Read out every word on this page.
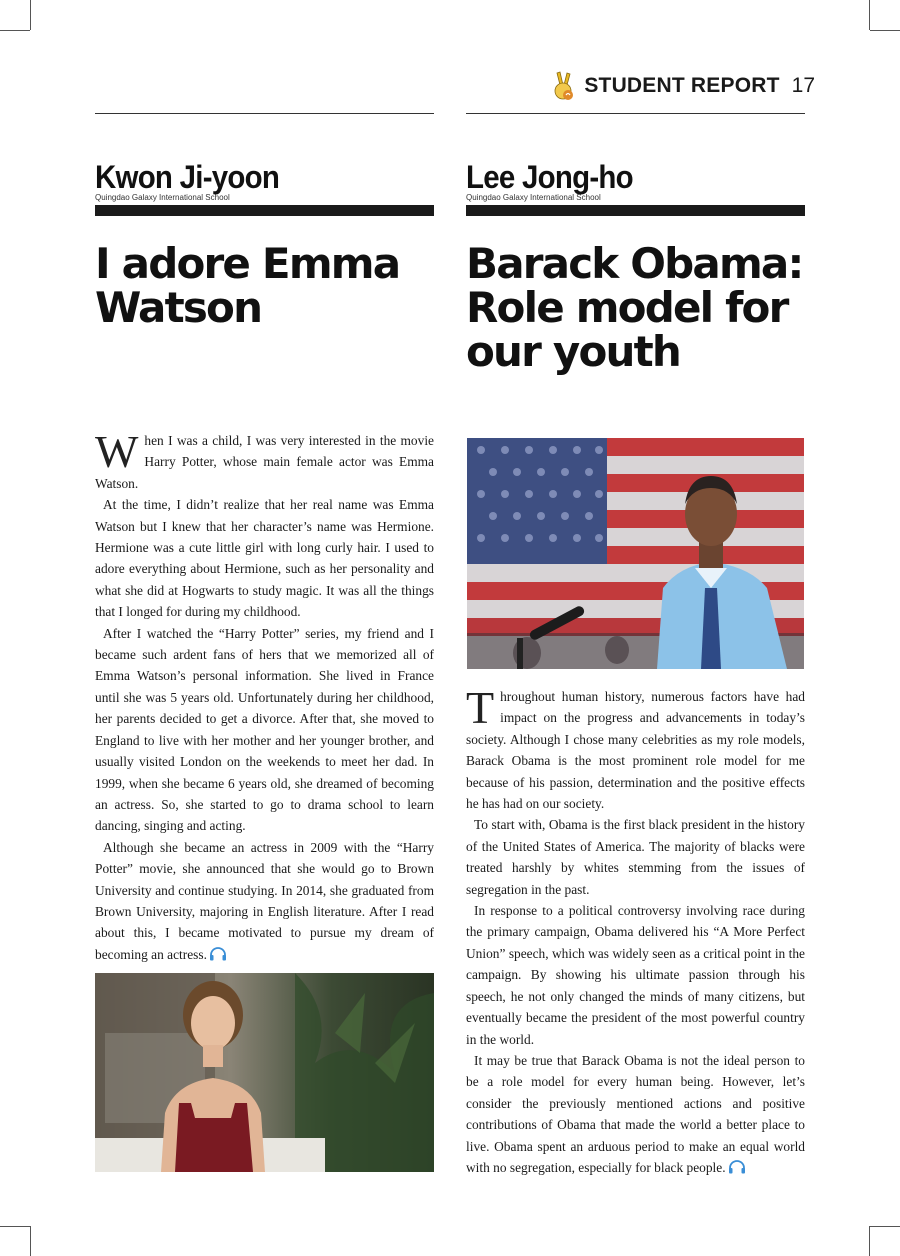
STUDENT REPORT 17
Kwon Ji-yoon
Quingdao Galaxy International School
I adore Emma
Watson

When I was a child, I was very interested in the movie Harry Potter, whose main female actor was Emma Watson.

At the time, I didn’t realize that her real name was Emma Watson but I knew that her character’s name was Hermione. Hermione was a cute little girl with long curly hair. I used to adore everything about Hermione, such as her personality and what she did at Hogwarts to study magic. It was all the things that I longed for during my childhood.

After I watched the “Harry Potter” series, my friend and I became such ardent fans of hers that we memorized all of Emma Watson’s personal information. She lived in France until she was 5 years old. Unfortunately during her childhood, her parents decided to get a divorce. After that, she moved to England to live with her mother and her younger brother, and usually visited London on the weekends to meet her dad. In 1999, when she became 6 years old, she dreamed of becoming an actress. So, she started to go to drama school to learn dancing, singing and acting.

Although she became an actress in 2009 with the “Harry Potter” movie, she announced that she would go to Brown University and continue studying. In 2014, she graduated from Brown University, majoring in English literature. After I read about this, I became motivated to pursue my dream of becoming an actress.

Lee Jong-ho
Quingdao Galaxy International School
Barack Obama:
Role model for
our youth

Throughout human history, numerous factors have had impact on the progress and advancements in today’s society. Although I chose many celebrities as my role models, Barack Obama is the most prominent role model for me because of his passion, determination and the positive effects he has had on our society.

To start with, Obama is the first black president in the history of the United States of America. The majority of blacks were treated harshly by whites stemming from the issues of segregation in the past.

In response to a political controversy involving race during the primary campaign, Obama delivered his “A More Perfect Union” speech, which was widely seen as a critical point in the campaign. By showing his ultimate passion through his speech, he not only changed the minds of many citizens, but eventually became the president of the most powerful country in the world.

It may be true that Barack Obama is not the ideal person to be a role model for every human being. However, let’s consider the previously mentioned actions and positive contributions of Obama that made the world a better place to live. Obama spent an arduous period to make an equal world with no segregation, especially for black people.
